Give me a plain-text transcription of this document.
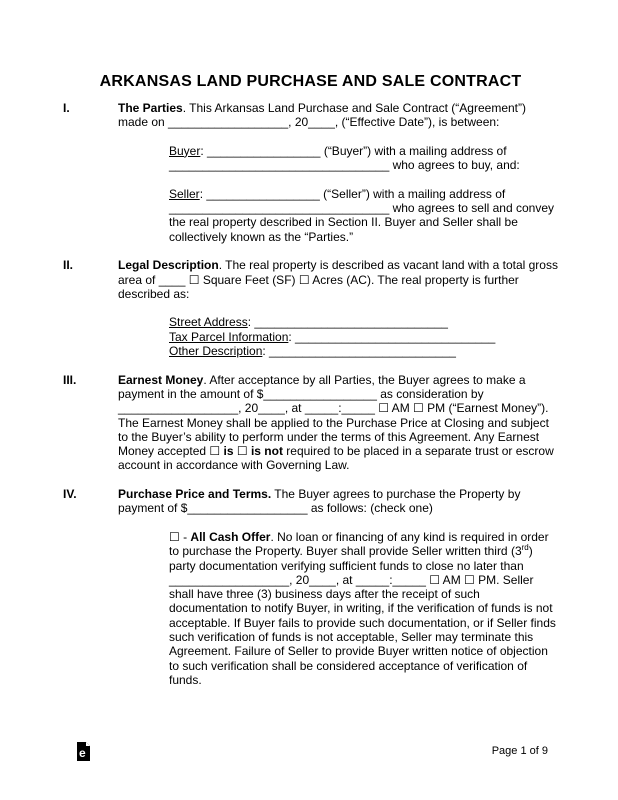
ARKANSAS LAND PURCHASE AND SALE CONTRACT
I.	The Parties. This Arkansas Land Purchase and Sale Contract (“Agreement”) made on __________________, 20____, (“Effective Date”), is between:

Buyer: _________________ (“Buyer”) with a mailing address of _________________________________ who agrees to buy, and:

Seller: _________________ (“Seller”) with a mailing address of _________________________________ who agrees to sell and convey the real property described in Section II. Buyer and Seller shall be collectively known as the “Parties.”

II.	Legal Description. The real property is described as vacant land with a total gross area of ____ ☐ Square Feet (SF) ☐ Acres (AC). The real property is further described as:

Street Address: _____________________________

Tax Parcel Information: ______________________________

Other Description: ____________________________

III.	Earnest Money. After acceptance by all Parties, the Buyer agrees to make a payment in the amount of $_________________ as consideration by __________________, 20____, at _____:_____ ☐ AM ☐ PM (“Earnest Money”). The Earnest Money shall be applied to the Purchase Price at Closing and subject to the Buyer’s ability to perform under the terms of this Agreement. Any Earnest Money accepted ☐ is ☐ is not required to be placed in a separate trust or escrow account in accordance with Governing Law.

IV.	Purchase Price and Terms. The Buyer agrees to purchase the Property by payment of $__________________ as follows: (check one)

☐ - All Cash Offer. No loan or financing of any kind is required in order to purchase the Property. Buyer shall provide Seller written third (3rd) party documentation verifying sufficient funds to close no later than __________________, 20____, at _____:_____ ☐ AM ☐ PM. Seller shall have three (3) business days after the receipt of such documentation to notify Buyer, in writing, if the verification of funds is not acceptable. If Buyer fails to provide such documentation, or if Seller finds such verification of funds is not acceptable, Seller may terminate this Agreement. Failure of Seller to provide Buyer written notice of objection to such verification shall be considered acceptance of verification of funds.

e	Page 1 of 9
